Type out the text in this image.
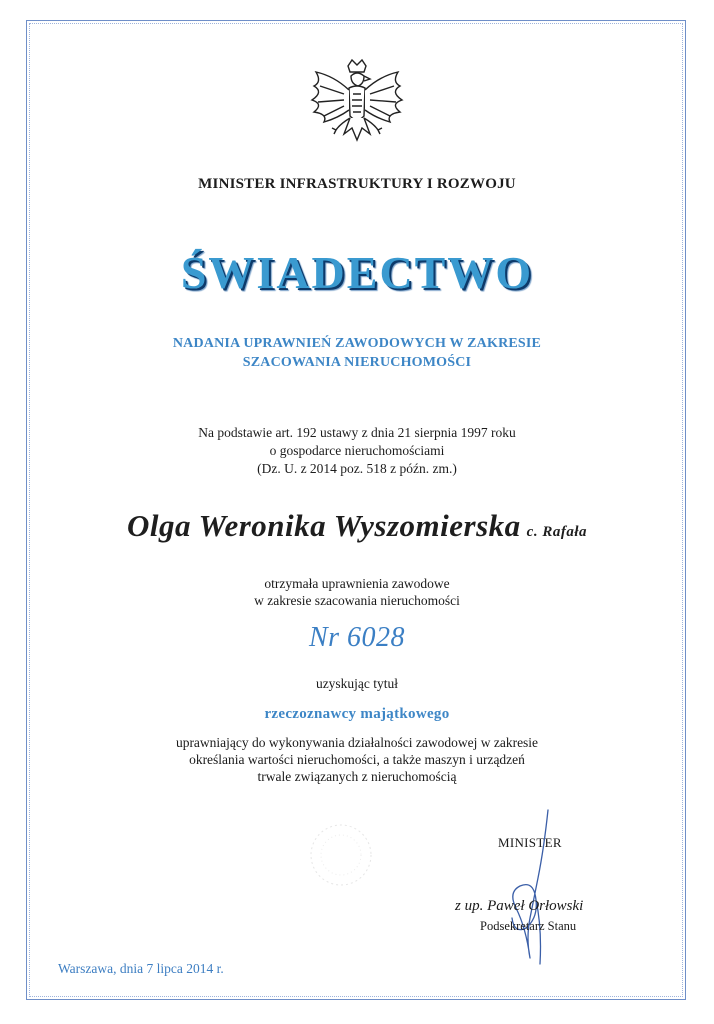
MINISTER INFRASTRUKTURY I ROZWOJU
ŚWIADECTWO
NADANIA UPRAWNIEŃ ZAWODOWYCH W ZAKRESIE
SZACOWANIA NIERUCHOMOŚCI
Na podstawie art. 192 ustawy z dnia 21 sierpnia 1997 roku
o gospodarce nieruchomościami
(Dz. U. z 2014 poz. 518 z późn. zm.)
Olga Weronika Wyszomierska c. Rafała
otrzymała uprawnienia zawodowe
w zakresie szacowania nieruchomości
Nr 6028
uzyskując tytuł
rzeczoznawcy majątkowego
uprawniający do wykonywania działalności zawodowej w zakresie
określania wartości nieruchomości, a także maszyn i urządzeń
trwale związanych z nieruchomością
MINISTER
z up. Paweł Orłowski
Podsekretarz Stanu
Warszawa, dnia 7 lipca 2014 r.
